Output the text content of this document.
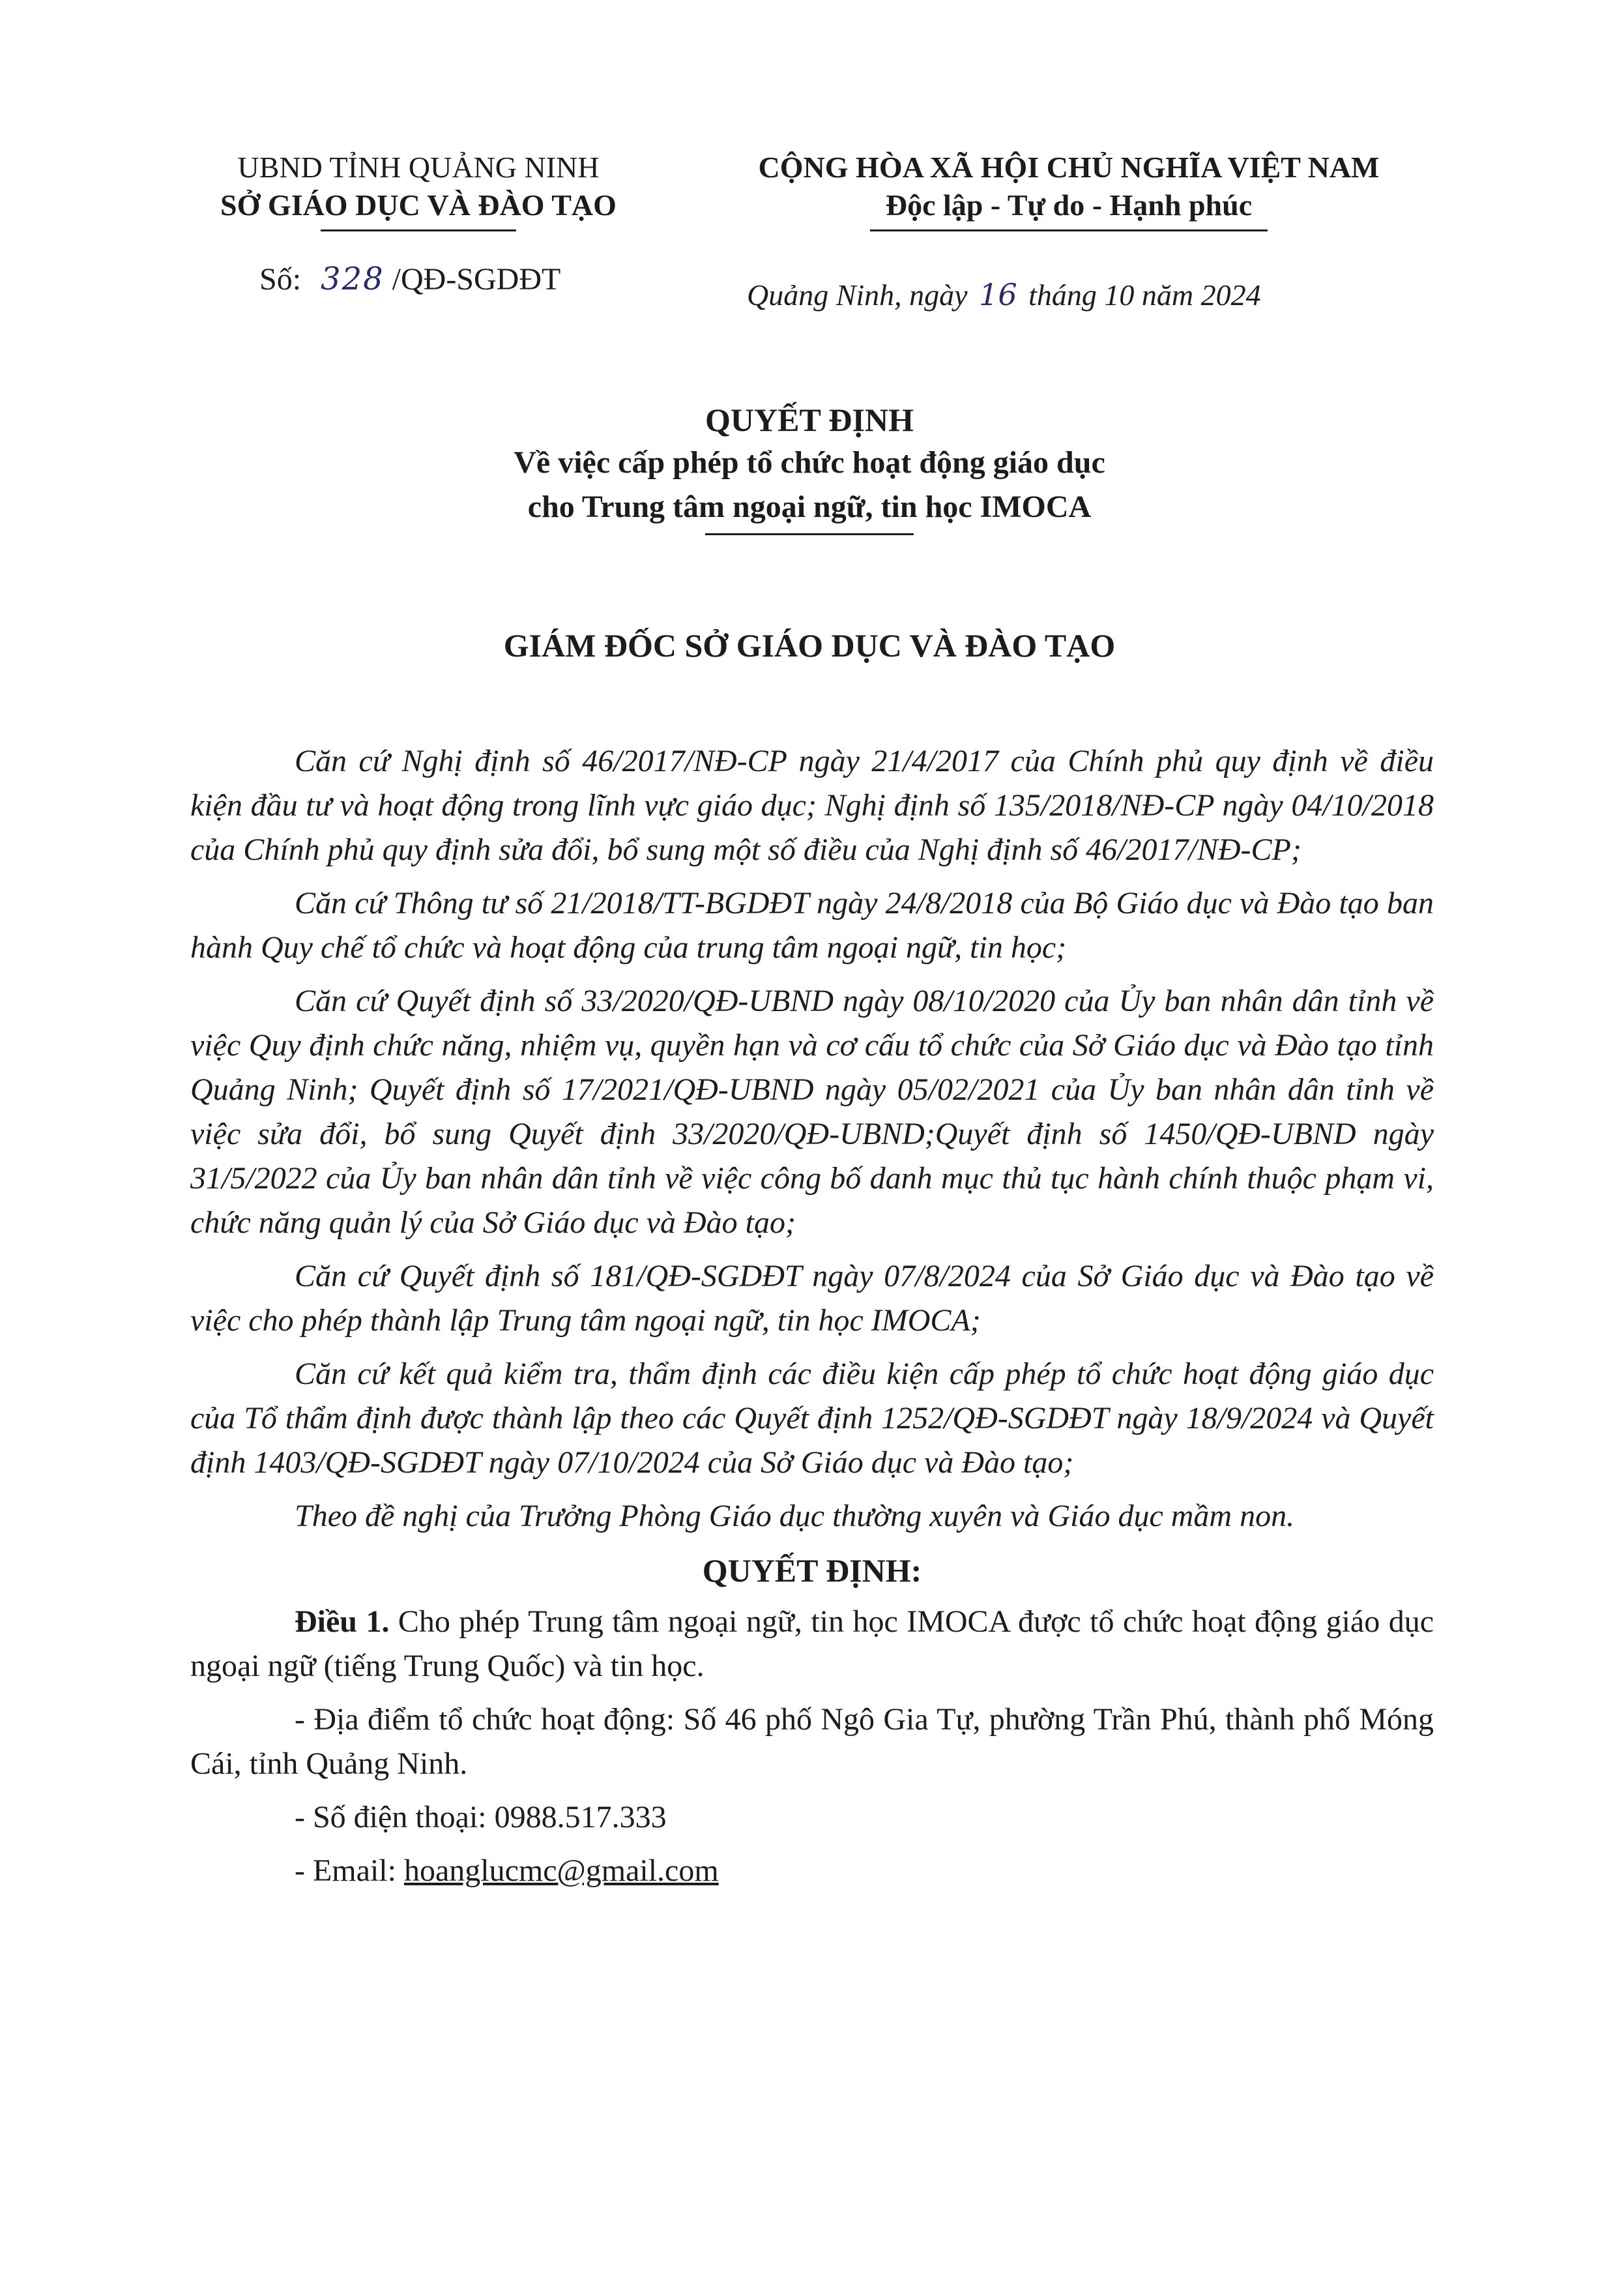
UBND TỈNH QUẢNG NINH
SỞ GIÁO DỤC VÀ ĐÀO TẠO
CỘNG HÒA XÃ HỘI CHỦ NGHĨA VIỆT NAM
Độc lập - Tự do - Hạnh phúc
Số: 328 /QĐ-SGDĐT	Quảng Ninh, ngày 16 tháng 10 năm 2024
QUYẾT ĐỊNH
Về việc cấp phép tổ chức hoạt động giáo dục
cho Trung tâm ngoại ngữ, tin học IMOCA
GIÁM ĐỐC SỞ GIÁO DỤC VÀ ĐÀO TẠO

Căn cứ Nghị định số 46/2017/NĐ-CP ngày 21/4/2017 của Chính phủ quy định về điều kiện đầu tư và hoạt động trong lĩnh vực giáo dục; Nghị định số 135/2018/NĐ-CP ngày 04/10/2018 của Chính phủ quy định sửa đổi, bổ sung một số điều của Nghị định số 46/2017/NĐ-CP;

Căn cứ Thông tư số 21/2018/TT-BGDĐT ngày 24/8/2018 của Bộ Giáo dục và Đào tạo ban hành Quy chế tổ chức và hoạt động của trung tâm ngoại ngữ, tin học;

Căn cứ Quyết định số 33/2020/QĐ-UBND ngày 08/10/2020 của Ủy ban nhân dân tỉnh về việc Quy định chức năng, nhiệm vụ, quyền hạn và cơ cấu tổ chức của Sở Giáo dục và Đào tạo tỉnh Quảng Ninh; Quyết định số 17/2021/QĐ-UBND ngày 05/02/2021 của Ủy ban nhân dân tỉnh về việc sửa đổi, bổ sung Quyết định 33/2020/QĐ-UBND;Quyết định số 1450/QĐ-UBND ngày 31/5/2022 của Ủy ban nhân dân tỉnh về việc công bố danh mục thủ tục hành chính thuộc phạm vi, chức năng quản lý của Sở Giáo dục và Đào tạo;

Căn cứ Quyết định số 181/QĐ-SGDĐT ngày 07/8/2024 của Sở Giáo dục và Đào tạo về việc cho phép thành lập Trung tâm ngoại ngữ, tin học IMOCA;

Căn cứ kết quả kiểm tra, thẩm định các điều kiện cấp phép tổ chức hoạt động giáo dục của Tổ thẩm định được thành lập theo các Quyết định 1252/QĐ-SGDĐT ngày 18/9/2024 và Quyết định 1403/QĐ-SGDĐT ngày 07/10/2024 của Sở Giáo dục và Đào tạo;

Theo đề nghị của Trưởng Phòng Giáo dục thường xuyên và Giáo dục mầm non.

QUYẾT ĐỊNH:

Điều 1. Cho phép Trung tâm ngoại ngữ, tin học IMOCA được tổ chức hoạt động giáo dục ngoại ngữ (tiếng Trung Quốc) và tin học.

- Địa điểm tổ chức hoạt động: Số 46 phố Ngô Gia Tự, phường Trần Phú, thành phố Móng Cái, tỉnh Quảng Ninh.

- Số điện thoại: 0988.517.333

- Email: hoanglucmc@gmail.com
